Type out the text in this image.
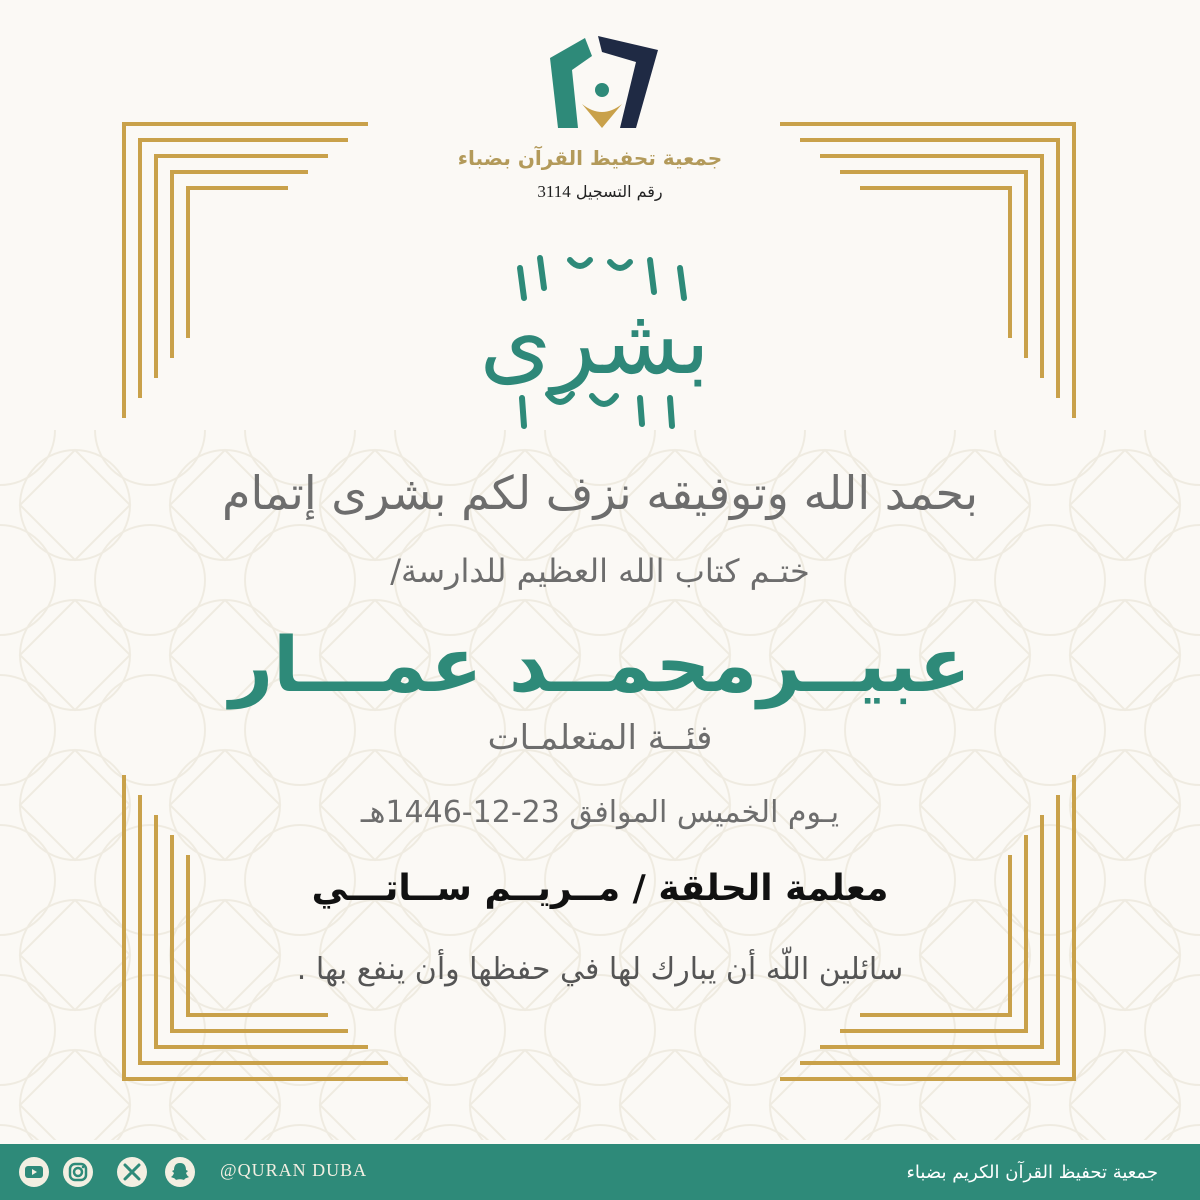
جمعية تحفيظ القرآن بضباء
رقم التسجيل 3114
بشرى
بحمد الله وتوفيقه نزف لكم بشرى إتمام
ختـم كتاب الله العظيم للدارسة/
عبيــرمحمــد عمـــار
فئــة المتعلمـات
يـوم الخميس الموافق 23-12-1446هـ
معلمة الحلقة / مــريــم ســاتـــي
سائلين اللّه أن يبارك لها في حفظها وأن ينفع بها .
@QURAN DUBA	جمعية تحفيظ القرآن الكريم بضباء
